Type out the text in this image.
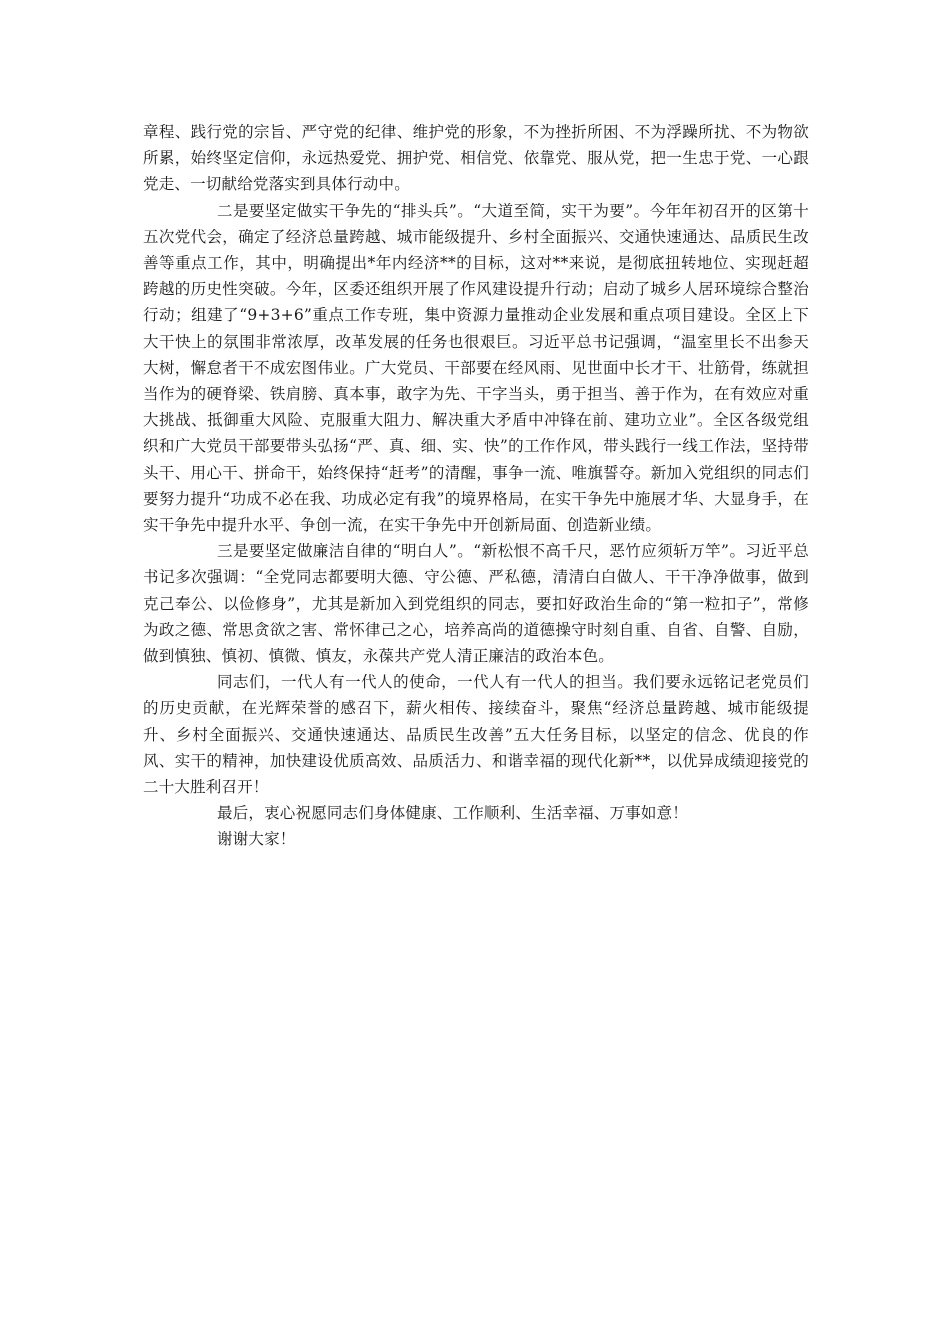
章程、践行党的宗旨、严守党的纪律、维护党的形象，不为挫折所困、不为浮躁所扰、不为物欲所累，始终坚定信仰，永远热爱党、拥护党、相信党、依靠党、服从党，把一生忠于党、一心跟党走、一切献给党落实到具体行动中。

二是要坚定做实干争先的“排头兵”。“大道至简，实干为要”。今年年初召开的区第十五次党代会，确定了经济总量跨越、城市能级提升、乡村全面振兴、交通快速通达、品质民生改善等重点工作，其中，明确提出*年内经济**的目标，这对**来说，是彻底扭转地位、实现赶超跨越的历史性突破。今年，区委还组织开展了作风建设提升行动；启动了城乡人居环境综合整治行动；组建了“9+3+6”重点工作专班，集中资源力量推动企业发展和重点项目建设。全区上下大干快上的氛围非常浓厚，改革发展的任务也很艰巨。习近平总书记强调，“温室里长不出参天大树，懈怠者干不成宏图伟业。广大党员、干部要在经风雨、见世面中长才干、壮筋骨，练就担当作为的硬脊梁、铁肩膀、真本事，敢字为先、干字当头，勇于担当、善于作为，在有效应对重大挑战、抵御重大风险、克服重大阻力、解决重大矛盾中冲锋在前、建功立业”。全区各级党组织和广大党员干部要带头弘扬“严、真、细、实、快”的工作作风，带头践行一线工作法，坚持带头干、用心干、拼命干，始终保持“赶考”的清醒，事争一流、唯旗誓夺。新加入党组织的同志们要努力提升“功成不必在我、功成必定有我”的境界格局，在实干争先中施展才华、大显身手，在实干争先中提升水平、争创一流，在实干争先中开创新局面、创造新业绩。

三是要坚定做廉洁自律的“明白人”。“新松恨不高千尺，恶竹应须斩万竿”。习近平总书记多次强调：“全党同志都要明大德、守公德、严私德，清清白白做人、干干净净做事，做到克己奉公、以俭修身”，尤其是新加入到党组织的同志，要扣好政治生命的“第一粒扣子”，常修为政之德、常思贪欲之害、常怀律己之心，培养高尚的道德操守时刻自重、自省、自警、自励，做到慎独、慎初、慎微、慎友，永葆共产党人清正廉洁的政治本色。

同志们，一代人有一代人的使命，一代人有一代人的担当。我们要永远铭记老党员们的历史贡献，在光辉荣誉的感召下，薪火相传、接续奋斗，聚焦“经济总量跨越、城市能级提升、乡村全面振兴、交通快速通达、品质民生改善”五大任务目标，以坚定的信念、优良的作风、实干的精神，加快建设优质高效、品质活力、和谐幸福的现代化新**，以优异成绩迎接党的二十大胜利召开！

最后，衷心祝愿同志们身体健康、工作顺利、生活幸福、万事如意！

谢谢大家！
